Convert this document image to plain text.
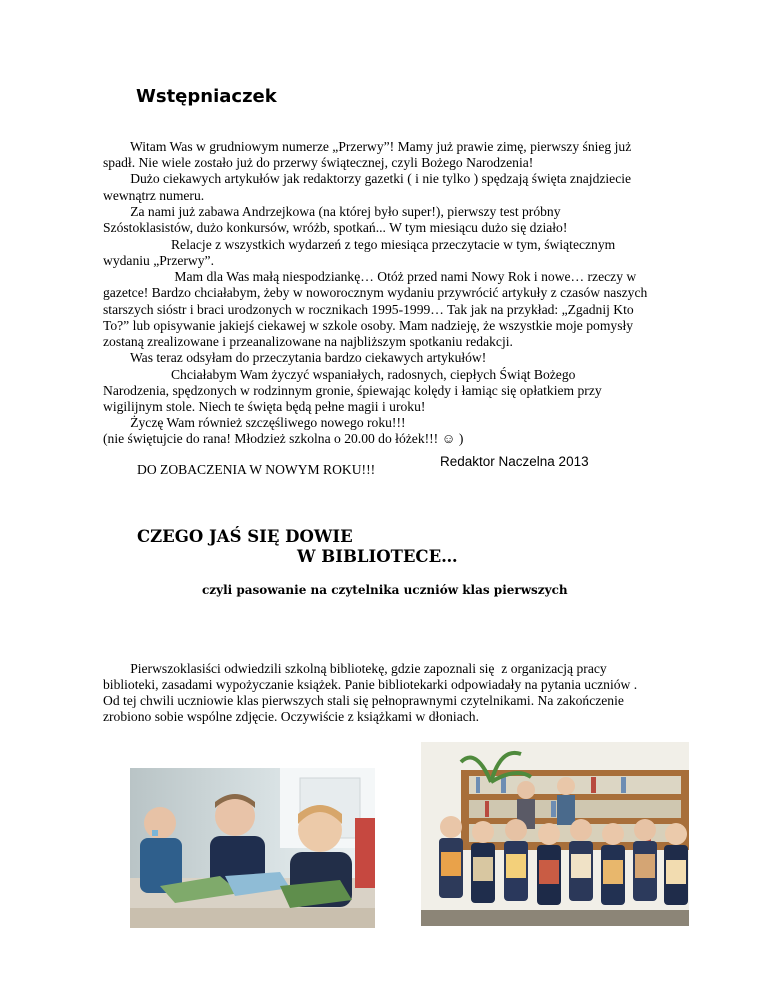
Wstępniaczek
Witam Was w grudniowym numerze „Przerwy”! Mamy już prawie zimę, pierwszy śnieg już
spadł. Nie wiele zostało już do przerwy świątecznej, czyli Bożego Narodzenia!
Dużo ciekawych artykułów jak redaktorzy gazetki ( i nie tylko ) spędzają święta znajdziecie
wewnątrz numeru.
Za nami już zabawa Andrzejkowa (na której było super!), pierwszy test próbny
Szóstoklasistów, dużo konkursów, wróżb, spotkań... W tym miesiącu dużo się działo!
Relacje z wszystkich wydarzeń z tego miesiąca przeczytacie w tym, świątecznym
wydaniu „Przerwy”.
Mam dla Was małą niespodziankę… Otóż przed nami Nowy Rok i nowe… rzeczy w
gazetce! Bardzo chciałabym, żeby w noworocznym wydaniu przywrócić artykuły z czasów naszych
starszych sióstr i braci urodzonych w rocznikach 1995-1999… Tak jak na przykład: „Zgadnij Kto
To?” lub opisywanie jakiejś ciekawej w szkole osoby. Mam nadzieję, że wszystkie moje pomysły
zostaną zrealizowane i przeanalizowane na najbliższym spotkaniu redakcji.
Was teraz odsyłam do przeczytania bardzo ciekawych artykułów!
Chciałabym Wam życzyć wspaniałych, radosnych, ciepłych Świąt Bożego
Narodzenia, spędzonych w rodzinnym gronie, śpiewając kolędy i łamiąc się opłatkiem przy
wigilijnym stole. Niech te święta będą pełne magii i uroku!
Życzę Wam również szczęśliwego nowego roku!!!
(nie świętujcie do rana! Młodzież szkolna o 20.00 do łóżek!!! ☺ )
DO ZOBACZENIA W NOWYM ROKU!!!
Redaktor Naczelna 2013
CZEGO JAŚ SIĘ DOWIE
W BIBLIOTECE…
czyli pasowanie na czytelnika uczniów klas pierwszych
Pierwszoklasiści odwiedzili szkolną bibliotekę, gdzie zapoznali się  z organizacją pracy
biblioteki, zasadami wypożyczanie książek. Panie bibliotekarki odpowiadały na pytania uczniów .
Od tej chwili uczniowie klas pierwszych stali się pełnoprawnymi czytelnikami. Na zakończenie
zrobiono sobie wspólne zdjęcie. Oczywiście z książkami w dłoniach.
